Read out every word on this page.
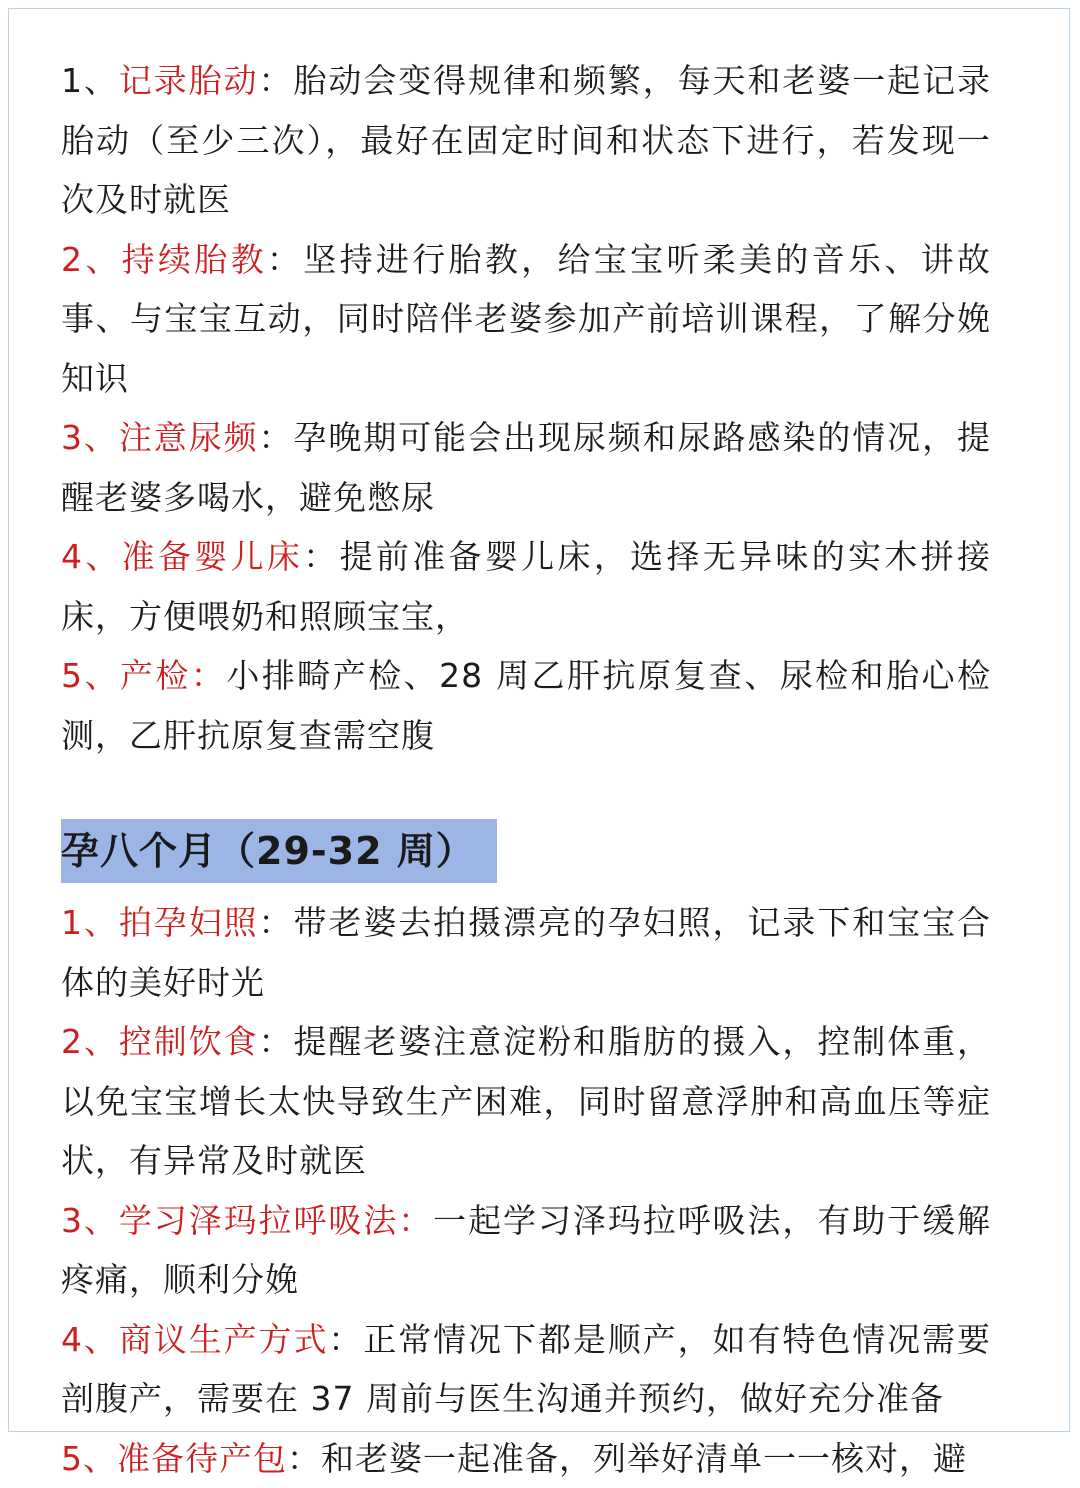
1、记录胎动：胎动会变得规律和频繁，每天和老婆一起记录胎动（至少三次），最好在固定时间和状态下进行，若发现一次及时就医

2、持续胎教：坚持进行胎教，给宝宝听柔美的音乐、讲故事、与宝宝互动，同时陪伴老婆参加产前培训课程，了解分娩知识

3、注意尿频：孕晚期可能会出现尿频和尿路感染的情况，提醒老婆多喝水，避免憋尿

4、准备婴儿床：提前准备婴儿床，选择无异味的实木拼接床，方便喂奶和照顾宝宝，

5、产检：小排畸产检、28 周乙肝抗原复查、尿检和胎心检测，乙肝抗原复查需空腹

孕八个月（29-32 周）

1、拍孕妇照：带老婆去拍摄漂亮的孕妇照，记录下和宝宝合体的美好时光

2、控制饮食：提醒老婆注意淀粉和脂肪的摄入，控制体重，以免宝宝增长太快导致生产困难，同时留意浮肿和高血压等症状，有异常及时就医

3、学习泽玛拉呼吸法：一起学习泽玛拉呼吸法，有助于缓解疼痛，顺利分娩

4、商议生产方式：正常情况下都是顺产，如有特色情况需要剖腹产，需要在 37 周前与医生沟通并预约，做好充分准备

5、准备待产包：和老婆一起准备，列举好清单一一核对，避
